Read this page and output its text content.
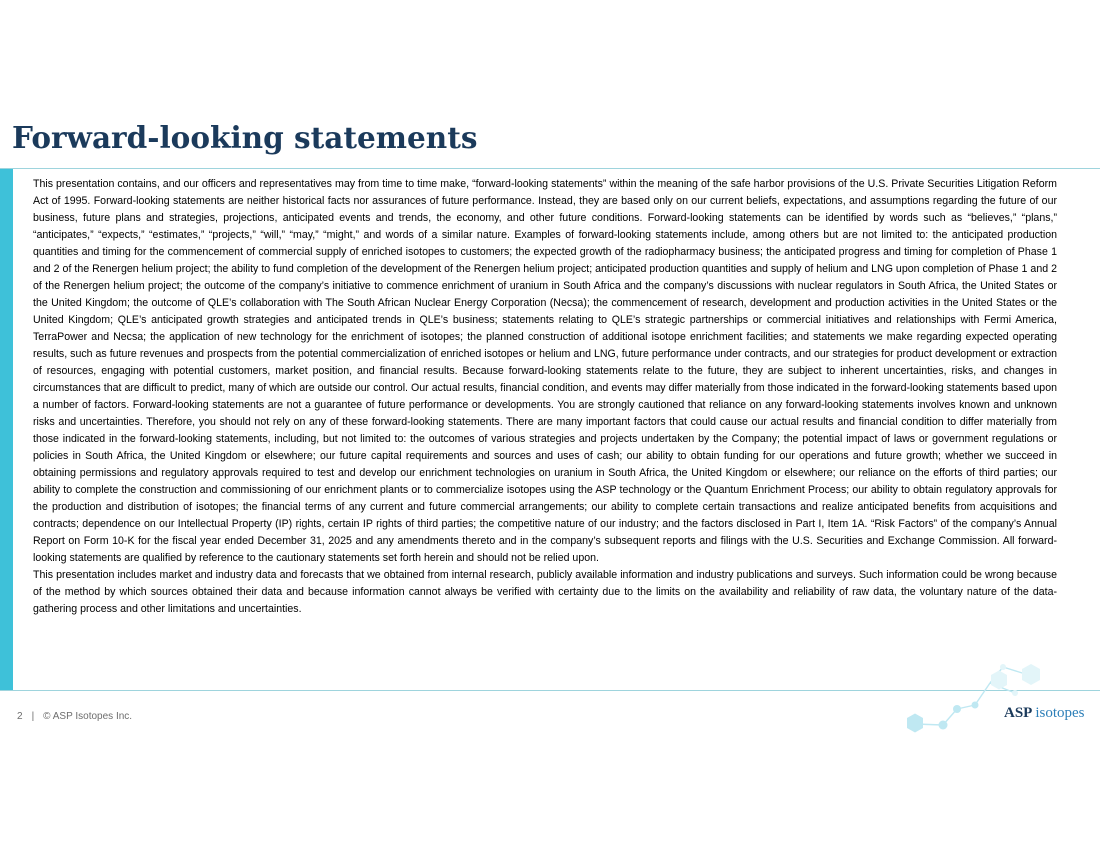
Forward-looking statements

This presentation contains, and our officers and representatives may from time to time make, “forward-looking statements” within the meaning of the safe harbor provisions of the U.S. Private Securities Litigation Reform Act of 1995. Forward-looking statements are neither historical facts nor assurances of future performance. Instead, they are based only on our current beliefs, expectations, and assumptions regarding the future of our business, future plans and strategies, projections, anticipated events and trends, the economy, and other future conditions. Forward-looking statements can be identified by words such as “believes,” “plans,” “anticipates,” “expects,” “estimates,” “projects,” “will,” “may,” “might,” and words of a similar nature. Examples of forward-looking statements include, among others but are not limited to: the anticipated production quantities and timing for the commencement of commercial supply of enriched isotopes to customers; the expected growth of the radiopharmacy business; the anticipated progress and timing for completion of Phase 1 and 2 of the Renergen helium project; the ability to fund completion of the development of the Renergen helium project; anticipated production quantities and supply of helium and LNG upon completion of Phase 1 and 2 of the Renergen helium project; the outcome of the company’s initiative to commence enrichment of uranium in South Africa and the company’s discussions with nuclear regulators in South Africa, the United States or the United Kingdom; the outcome of QLE’s collaboration with The South African Nuclear Energy Corporation (Necsa); the commencement of research, development and production activities in the United States or the United Kingdom; QLE’s anticipated growth strategies and anticipated trends in QLE’s business; statements relating to QLE’s strategic partnerships or commercial initiatives and relationships with Fermi America, TerraPower and Necsa; the application of new technology for the enrichment of isotopes; the planned construction of additional isotope enrichment facilities; and statements we make regarding expected operating results, such as future revenues and prospects from the potential commercialization of enriched isotopes or helium and LNG, future performance under contracts, and our strategies for product development or extraction of resources, engaging with potential customers, market position, and financial results. Because forward-looking statements relate to the future, they are subject to inherent uncertainties, risks, and changes in circumstances that are difficult to predict, many of which are outside our control. Our actual results, financial condition, and events may differ materially from those indicated in the forward-looking statements based upon a number of factors. Forward-looking statements are not a guarantee of future performance or developments. You are strongly cautioned that reliance on any forward-looking statements involves known and unknown risks and uncertainties. Therefore, you should not rely on any of these forward-looking statements. There are many important factors that could cause our actual results and financial condition to differ materially from those indicated in the forward-looking statements, including, but not limited to: the outcomes of various strategies and projects undertaken by the Company; the potential impact of laws or government regulations or policies in South Africa, the United Kingdom or elsewhere; our future capital requirements and sources and uses of cash; our ability to obtain funding for our operations and future growth; whether we succeed in obtaining permissions and regulatory approvals required to test and develop our enrichment technologies on uranium in South Africa, the United Kingdom or elsewhere; our reliance on the efforts of third parties; our ability to complete the construction and commissioning of our enrichment plants or to commercialize isotopes using the ASP technology or the Quantum Enrichment Process; our ability to obtain regulatory approvals for the production and distribution of isotopes; the financial terms of any current and future commercial arrangements; our ability to complete certain transactions and realize anticipated benefits from acquisitions and contracts; dependence on our Intellectual Property (IP) rights, certain IP rights of third parties; the competitive nature of our industry; and the factors disclosed in Part I, Item 1A. “Risk Factors” of the company’s Annual Report on Form 10-K for the fiscal year ended December 31, 2025 and any amendments thereto and in the company’s subsequent reports and filings with the U.S. Securities and Exchange Commission. All forward-looking statements are qualified by reference to the cautionary statements set forth herein and should not be relied upon.

This presentation includes market and industry data and forecasts that we obtained from internal research, publicly available information and industry publications and surveys. Such information could be wrong because of the method by which sources obtained their data and because information cannot always be verified with certainty due to the limits on the availability and reliability of raw data, the voluntary nature of the data-gathering process and other limitations and uncertainties.

2 | © ASP Isotopes Inc.	ASP isotopes
